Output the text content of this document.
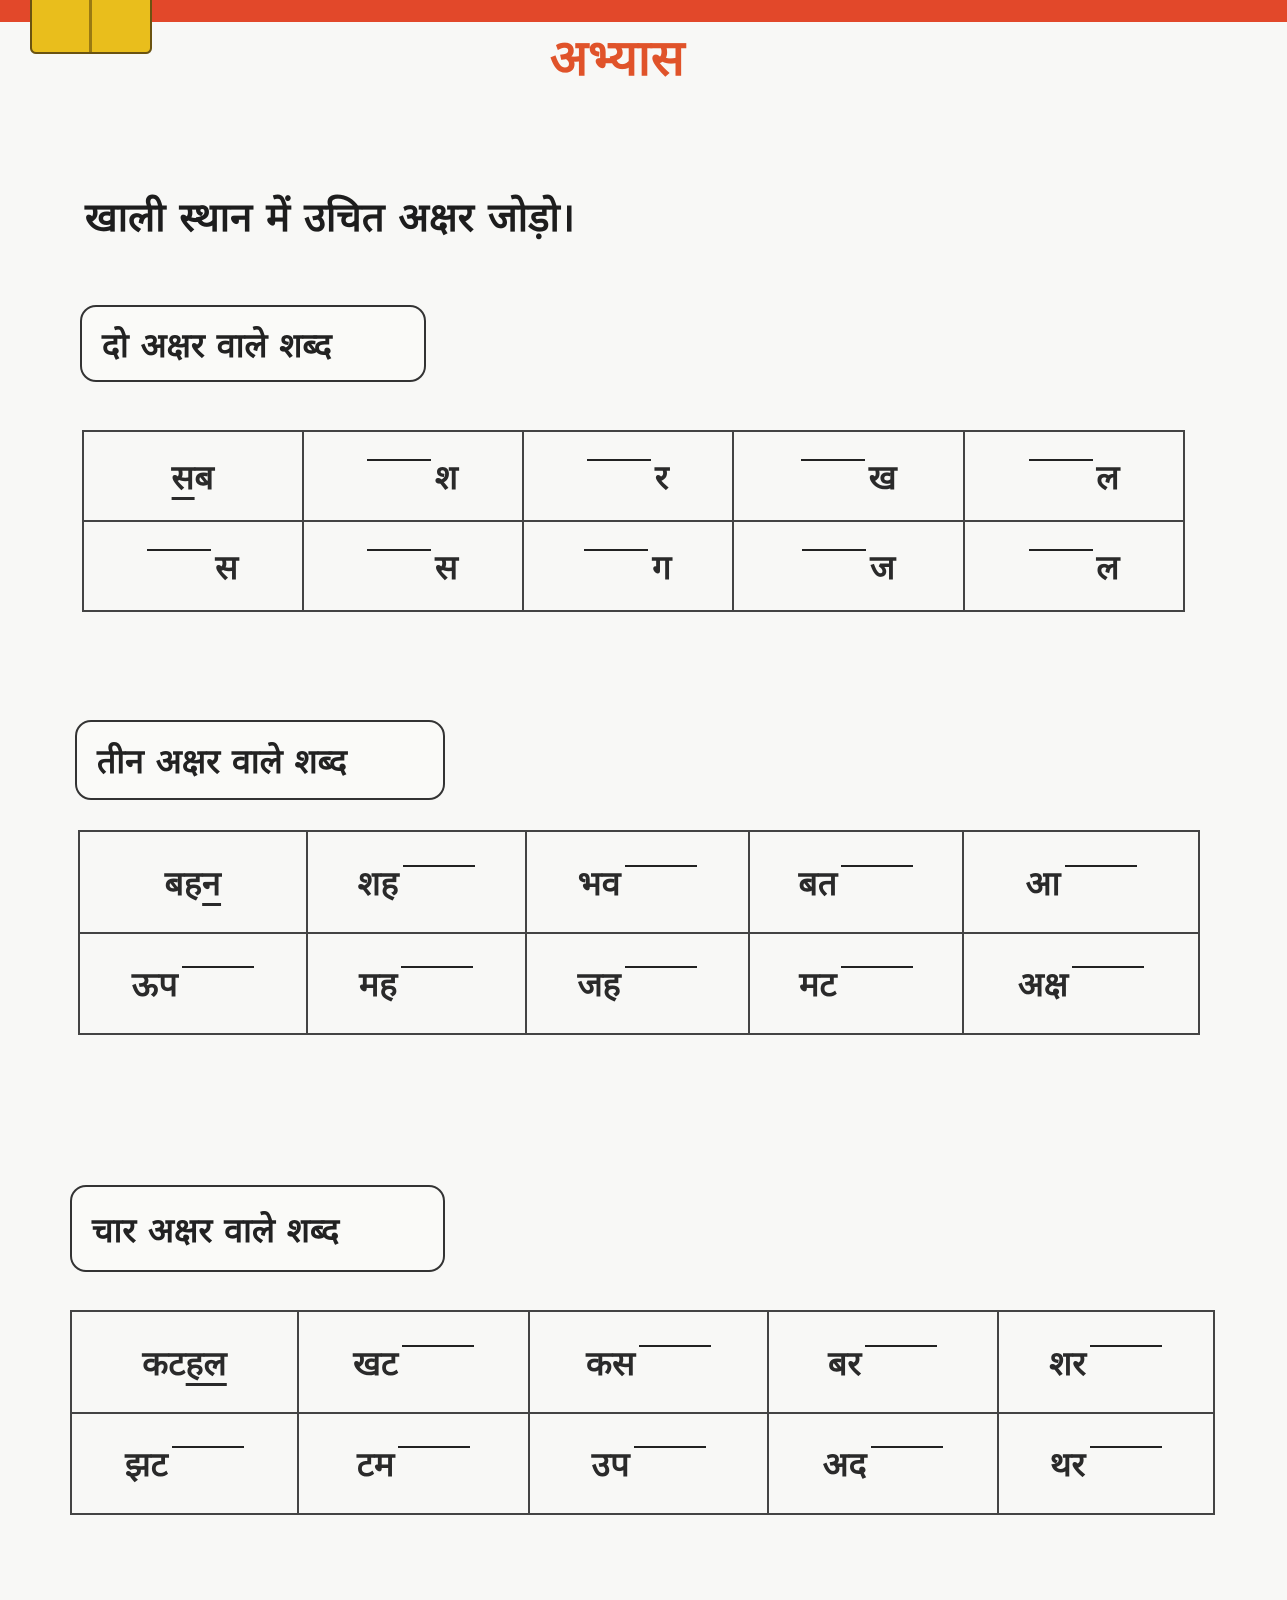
अभ्यास
खाली स्थान में उचित अक्षर जोड़ो।
दो अक्षर वाले शब्द
सब	श	र	ख	ल
स	स	ग	ज	ल
तीन अक्षर वाले शब्द
बहन	शह	भव	बत	आ
ऊप	मह	जह	मट	अक्ष
चार अक्षर वाले शब्द
कटहल	खट	कस	बर	शर
झट	टम	उप	अद	थर
